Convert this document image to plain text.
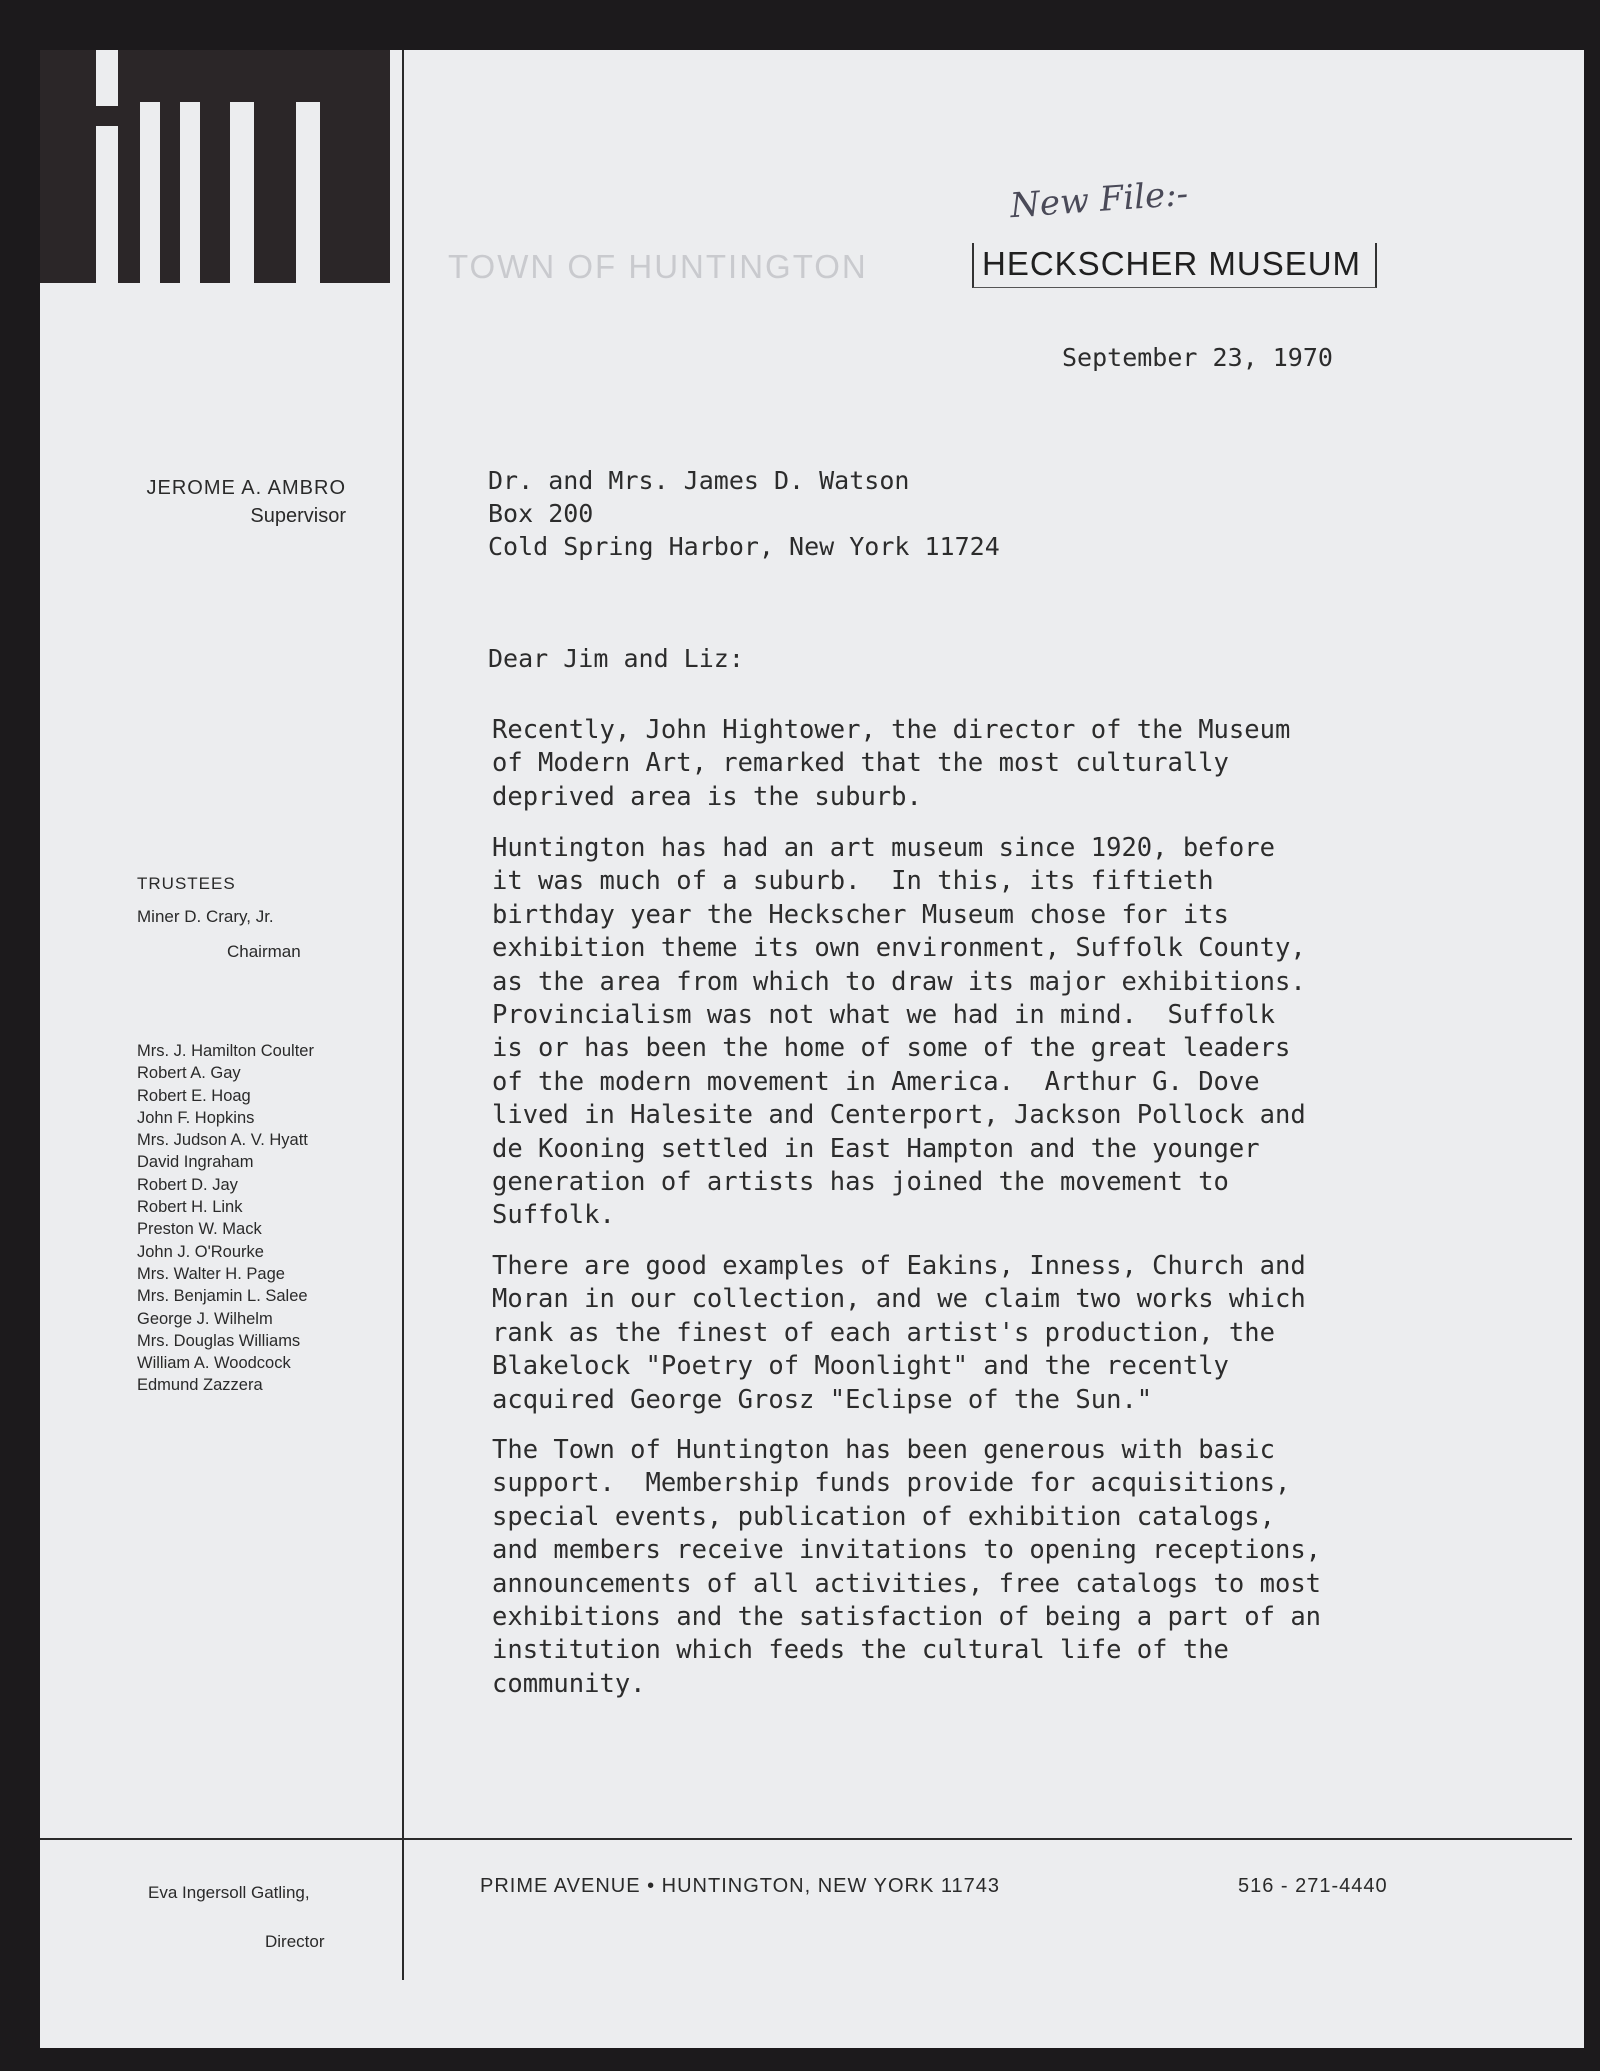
New File:-
TOWN OF HUNTINGTON	HECKSCHER MUSEUM
JEROME A. AMBRO
Supervisor
TRUSTEES
Miner D. Crary, Jr.
Chairman
Mrs. J. Hamilton Coulter
Robert A. Gay
Robert E. Hoag
John F. Hopkins
Mrs. Judson A. V. Hyatt
David Ingraham
Robert D. Jay
Robert H. Link
Preston W. Mack
John J. O'Rourke
Mrs. Walter H. Page
Mrs. Benjamin L. Salee
George J. Wilhelm
Mrs. Douglas Williams
William A. Woodcock
Edmund Zazzera
September 23, 1970
Dr. and Mrs. James D. Watson
Box 200
Cold Spring Harbor, New York 11724
Dear Jim and Liz:
Recently, John Hightower, the director of the Museum
of Modern Art, remarked that the most culturally
deprived area is the suburb.
Huntington has had an art museum since 1920, before
it was much of a suburb.  In this, its fiftieth
birthday year the Heckscher Museum chose for its
exhibition theme its own environment, Suffolk County,
as the area from which to draw its major exhibitions.
Provincialism was not what we had in mind.  Suffolk
is or has been the home of some of the great leaders
of the modern movement in America.  Arthur G. Dove
lived in Halesite and Centerport, Jackson Pollock and
de Kooning settled in East Hampton and the younger
generation of artists has joined the movement to
Suffolk.
There are good examples of Eakins, Inness, Church and
Moran in our collection, and we claim two works which
rank as the finest of each artist's production, the
Blakelock "Poetry of Moonlight" and the recently
acquired George Grosz "Eclipse of the Sun."
The Town of Huntington has been generous with basic
support.  Membership funds provide for acquisitions,
special events, publication of exhibition catalogs,
and members receive invitations to opening receptions,
announcements of all activities, free catalogs to most
exhibitions and the satisfaction of being a part of an
institution which feeds the cultural life of the
community.
Eva Ingersoll Gatling,
Director
PRIME AVENUE • HUNTINGTON, NEW YORK 11743	516 - 271-4440
